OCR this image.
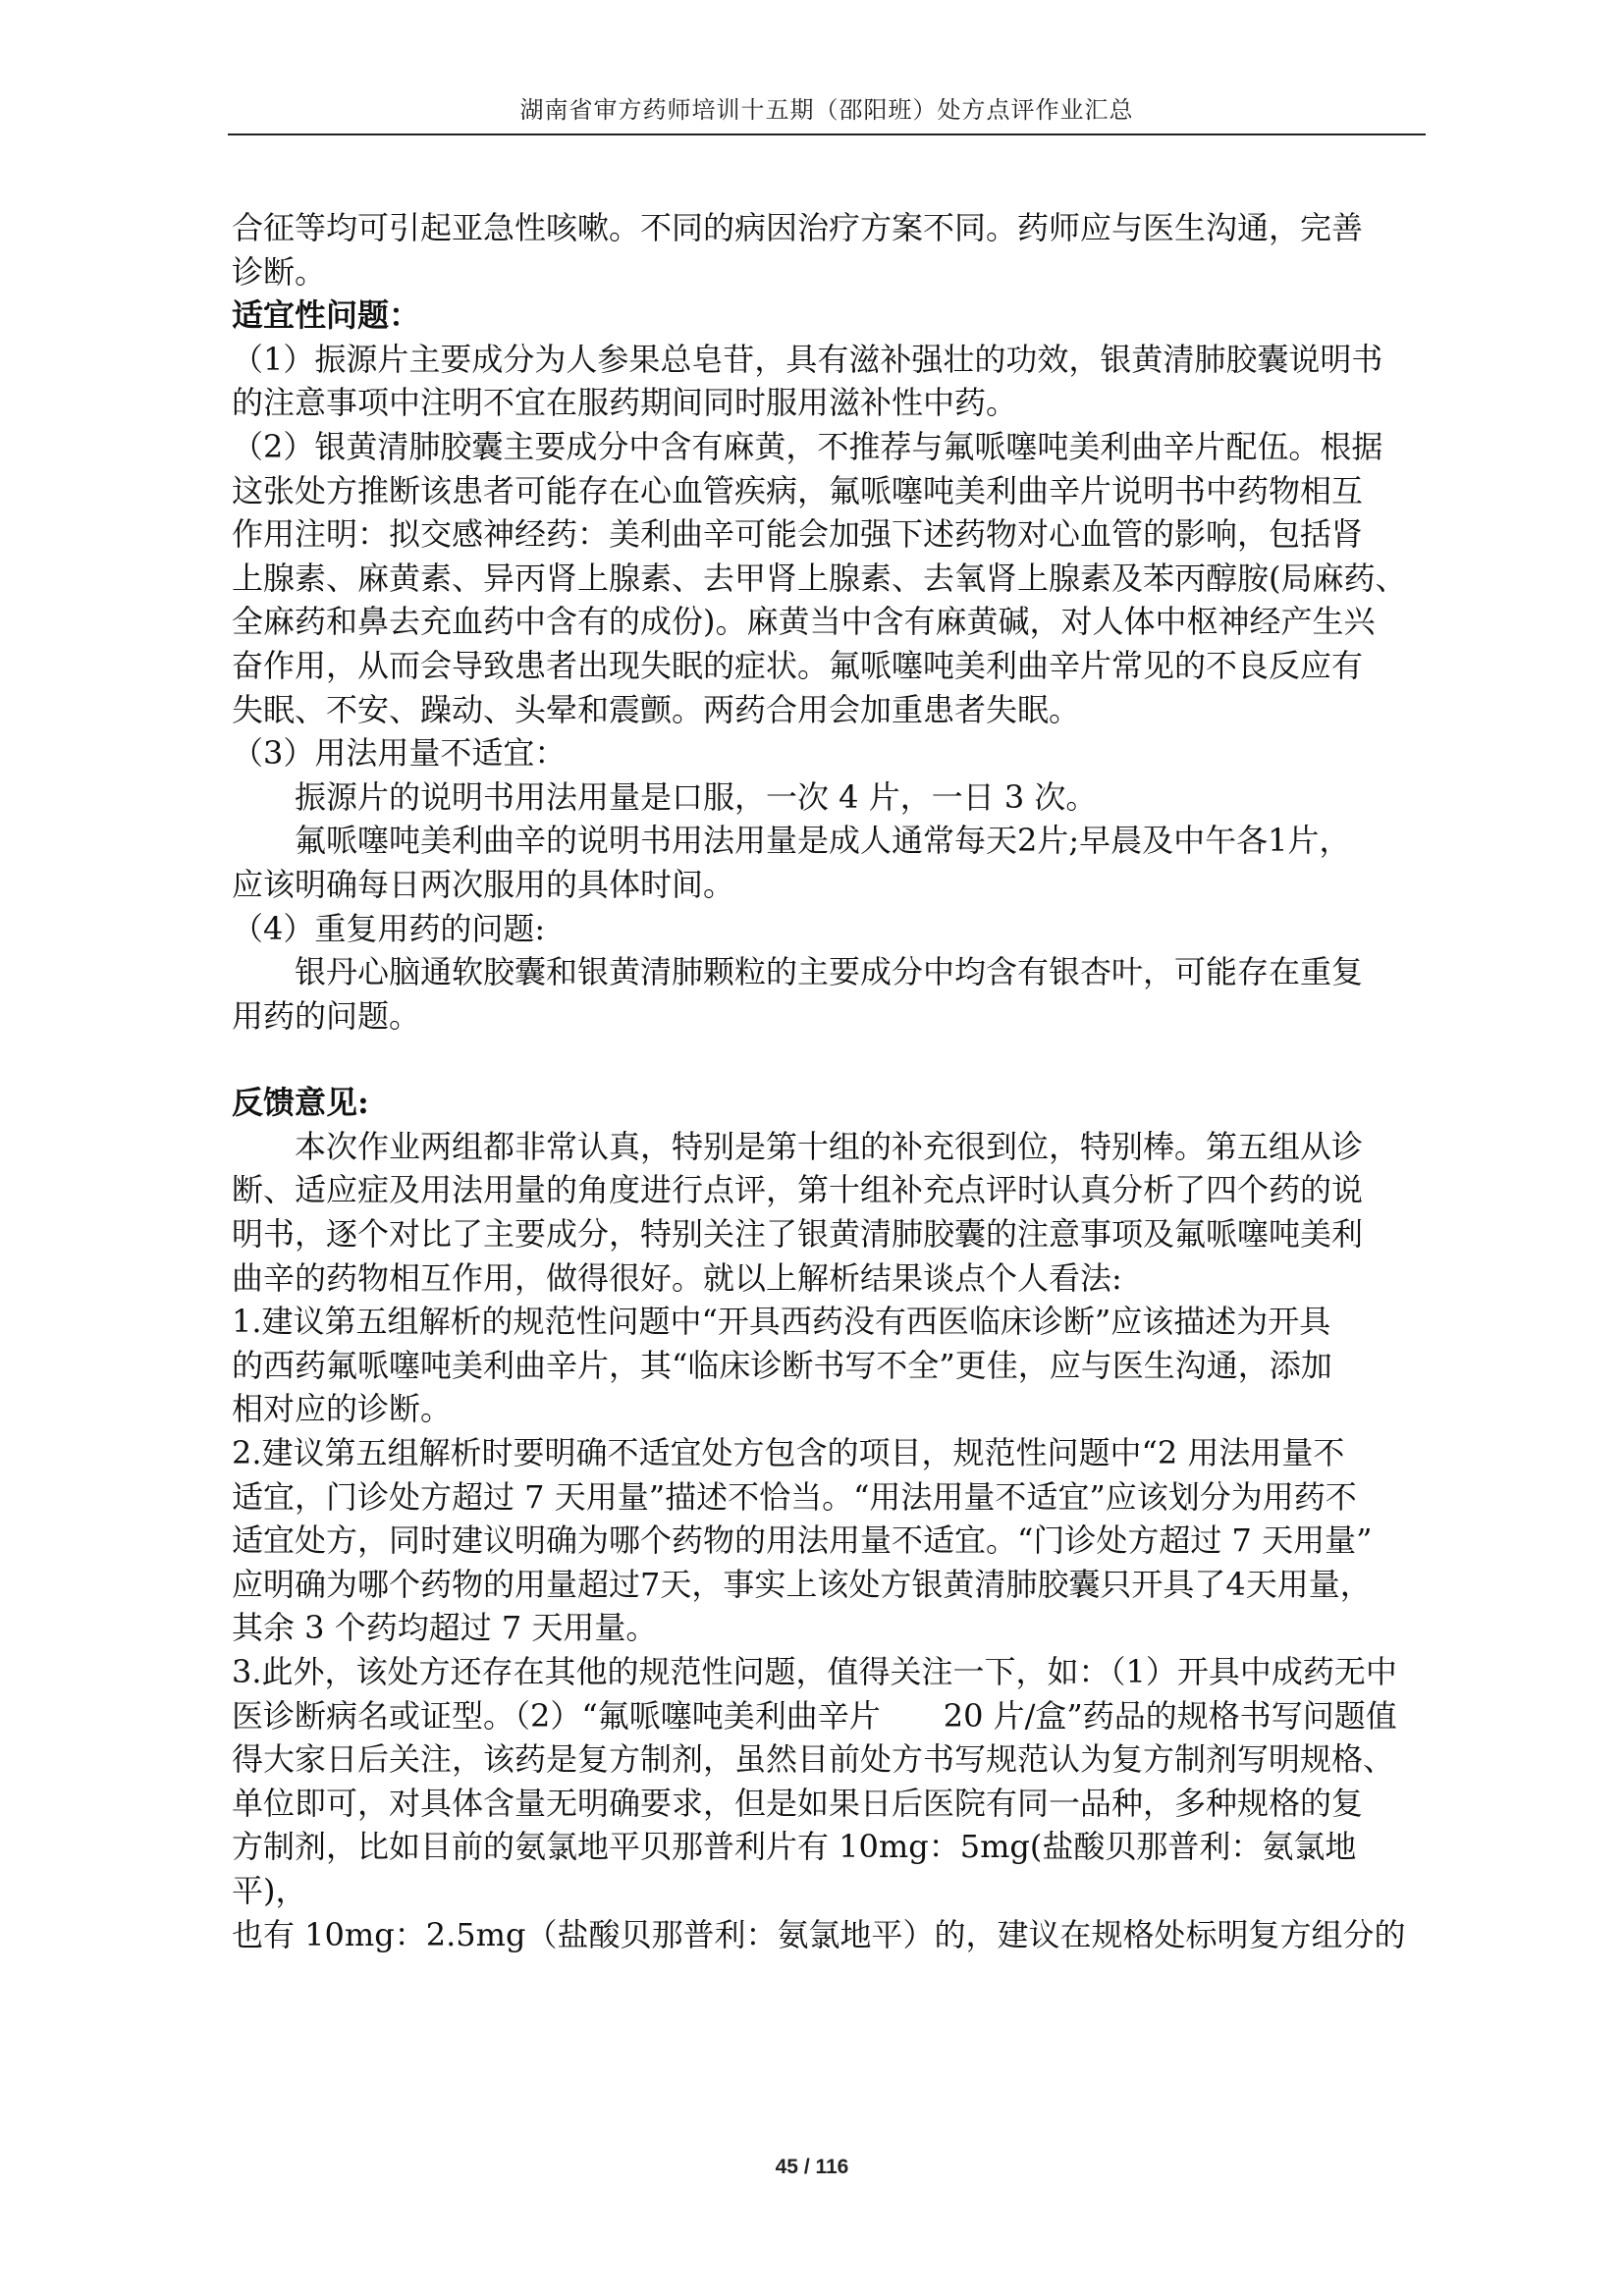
湖南省审方药师培训十五期（邵阳班）处方点评作业汇总

合征等均可引起亚急性咳嗽。不同的病因治疗方案不同。药师应与医生沟通，完善

诊断。

适宜性问题：

（1）振源片主要成分为人参果总皂苷，具有滋补强壮的功效，银黄清肺胶囊说明书

的注意事项中注明不宜在服药期间同时服用滋补性中药。

（2）银黄清肺胶囊主要成分中含有麻黄，不推荐与氟哌噻吨美利曲辛片配伍。根据

这张处方推断该患者可能存在心血管疾病，氟哌噻吨美利曲辛片说明书中药物相互

作用注明：拟交感神经药：美利曲辛可能会加强下述药物对心血管的影响，包括肾

上腺素、麻黄素、异丙肾上腺素、去甲肾上腺素、去氧肾上腺素及苯丙醇胺(局麻药、

全麻药和鼻去充血药中含有的成份)。麻黄当中含有麻黄碱，对人体中枢神经产生兴

奋作用，从而会导致患者出现失眠的症状。氟哌噻吨美利曲辛片常见的不良反应有

失眠、不安、躁动、头晕和震颤。两药合用会加重患者失眠。

（3）用法用量不适宜：

振源片的说明书用法用量是口服，一次 4 片，一日 3 次。

氟哌噻吨美利曲辛的说明书用法用量是成人通常每天2片;早晨及中午各1片，

应该明确每日两次服用的具体时间。

（4）重复用药的问题:

银丹心脑通软胶囊和银黄清肺颗粒的主要成分中均含有银杏叶，可能存在重复

用药的问题。

反馈意见:

本次作业两组都非常认真，特别是第十组的补充很到位，特别棒。第五组从诊

断、适应症及用法用量的角度进行点评，第十组补充点评时认真分析了四个药的说

明书，逐个对比了主要成分，特别关注了银黄清肺胶囊的注意事项及氟哌噻吨美利

曲辛的药物相互作用，做得很好。就以上解析结果谈点个人看法:

1.建议第五组解析的规范性问题中“开具西药没有西医临床诊断”应该描述为开具

的西药氟哌噻吨美利曲辛片，其“临床诊断书写不全”更佳，应与医生沟通，添加

相对应的诊断。

2.建议第五组解析时要明确不适宜处方包含的项目，规范性问题中“2 用法用量不

适宜，门诊处方超过 7 天用量”描述不恰当。“用法用量不适宜”应该划分为用药不

适宜处方，同时建议明确为哪个药物的用法用量不适宜。“门诊处方超过 7 天用量”

应明确为哪个药物的用量超过7天，事实上该处方银黄清肺胶囊只开具了4天用量，

其余 3 个药均超过 7 天用量。

3.此外，该处方还存在其他的规范性问题，值得关注一下，如：（1）开具中成药无中

医诊断病名或证型。（2）“氟哌噻吨美利曲辛片　　20 片/盒”药品的规格书写问题值

得大家日后关注，该药是复方制剂，虽然目前处方书写规范认为复方制剂写明规格、

单位即可，对具体含量无明确要求，但是如果日后医院有同一品种，多种规格的复

方制剂，比如目前的氨氯地平贝那普利片有 10mg：5mg(盐酸贝那普利：氨氯地平)，

也有 10mg：2.5mg（盐酸贝那普利：氨氯地平）的，建议在规格处标明复方组分的

45 / 116
